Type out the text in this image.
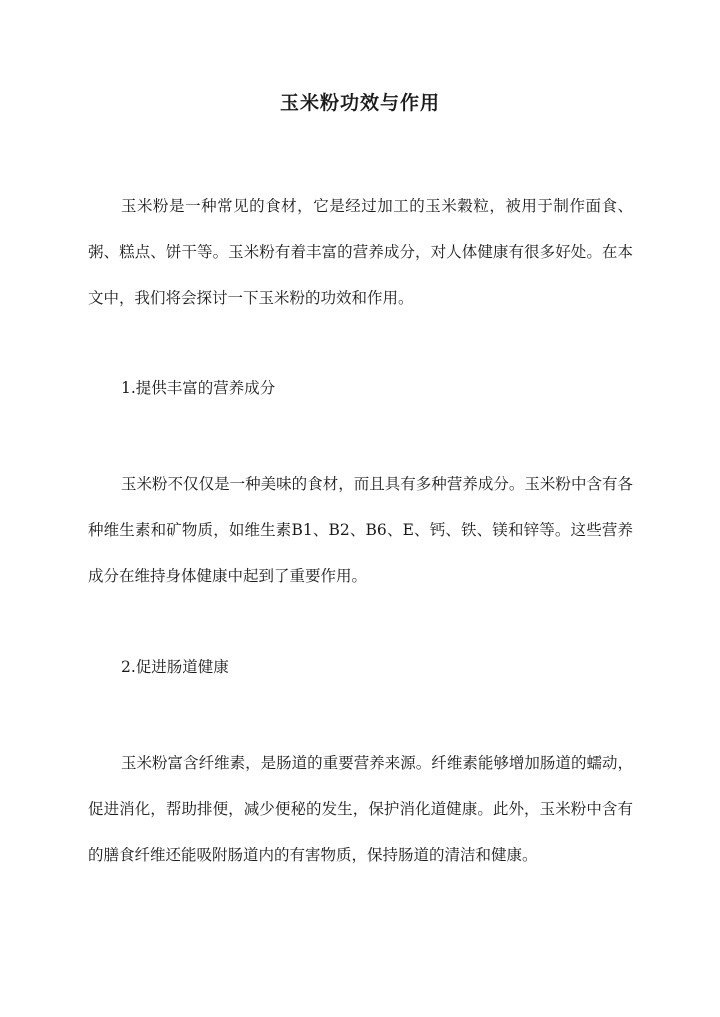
玉米粉功效与作用

玉米粉是一种常见的食材，它是经过加工的玉米穀粒，被用于制作面食、粥、糕点、饼干等。玉米粉有着丰富的营养成分，对人体健康有很多好处。在本文中，我们将会探讨一下玉米粉的功效和作用。

1.提供丰富的营养成分

玉米粉不仅仅是一种美味的食材，而且具有多种营养成分。玉米粉中含有各种维生素和矿物质，如维生素B1、B2、B6、E、钙、铁、镁和锌等。这些营养成分在维持身体健康中起到了重要作用。

2.促进肠道健康

玉米粉富含纤维素，是肠道的重要营养来源。纤维素能够增加肠道的蠕动，促进消化，帮助排便，减少便秘的发生，保护消化道健康。此外，玉米粉中含有的膳食纤维还能吸附肠道内的有害物质，保持肠道的清洁和健康。
